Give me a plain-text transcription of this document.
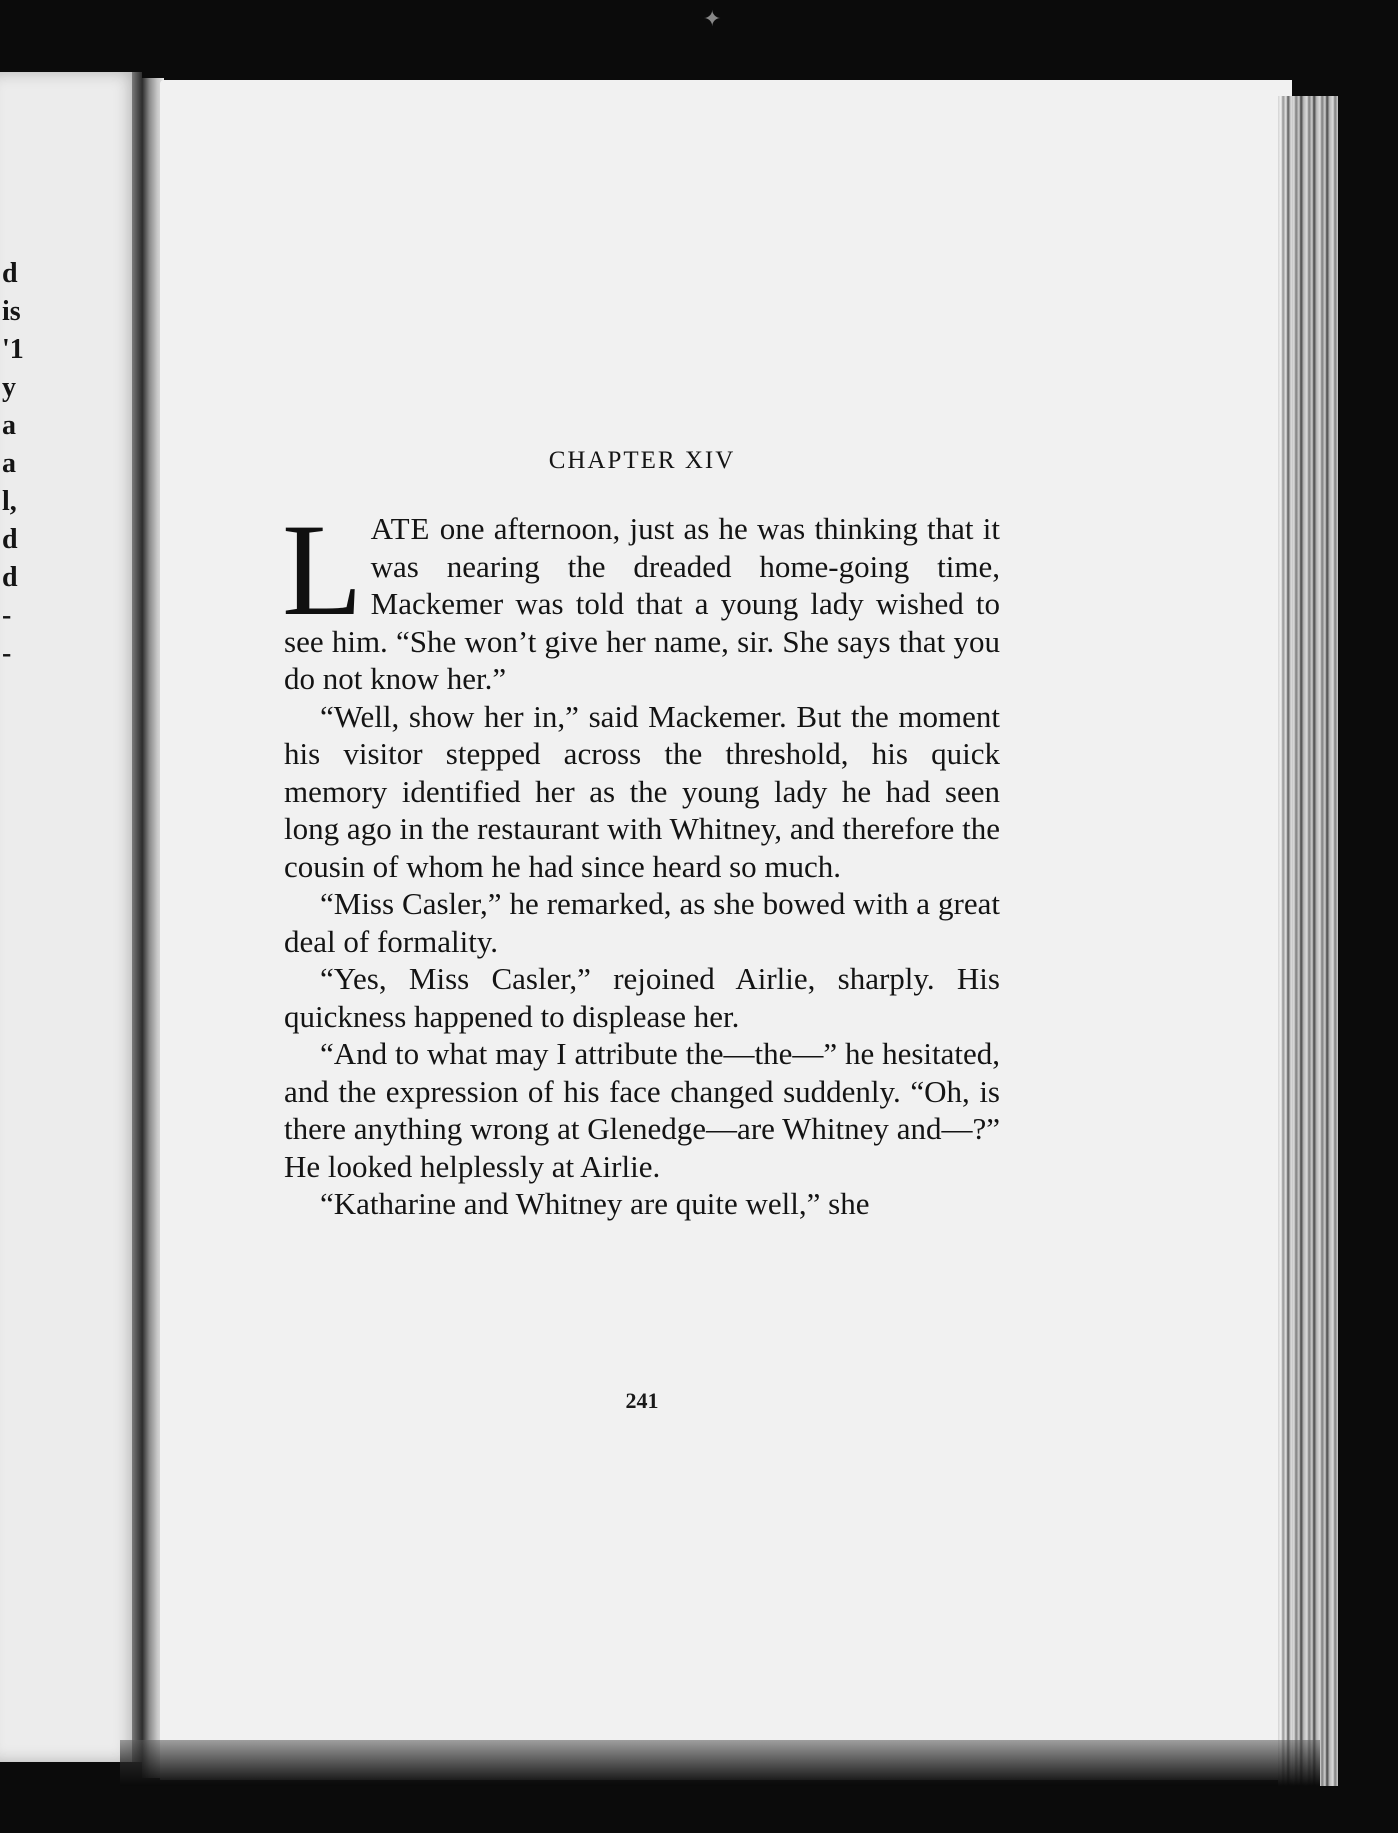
d
is
'1
y
a
a
l,
d
d
-
-
✦
CHAPTER XIV

LATE one afternoon, just as he was thinking that it was nearing the dreaded home-going time, Mackemer was told that a young lady wished to see him. “She won’t give her name, sir. She says that you do not know her.”

“Well, show her in,” said Mackemer. But the moment his visitor stepped across the threshold, his quick memory identified her as the young lady he had seen long ago in the restaurant with Whitney, and therefore the cousin of whom he had since heard so much.

“Miss Casler,” he remarked, as she bowed with a great deal of formality.

“Yes, Miss Casler,” rejoined Airlie, sharply. His quickness happened to displease her.

“And to what may I attribute the—the—” he hesitated, and the expression of his face changed suddenly. “Oh, is there anything wrong at Glenedge—are Whitney and—?” He looked helplessly at Airlie.

“Katharine and Whitney are quite well,” she

241
